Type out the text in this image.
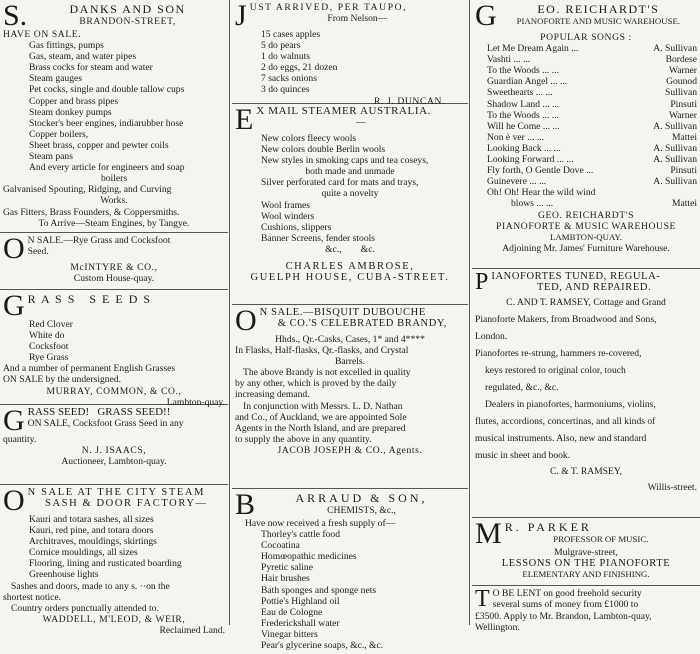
S.	DANKS AND SON
BRANDON-STREET,
HAVE ON SALE.
Gas fittings, pumps
Gas, steam, and water pipes
Brass cocks for steam and water
Steam gauges
Pet cocks, single and double tallow cups
Copper and brass pipes
Steam donkey pumps
Stocker's beer engines, indiarubber hose
Copper boilers,
Sheet brass, copper and pewter coils
Steam pans
And every article for engineers and soap
boilers
Galvanised Spouting, Ridging, and Curving
Works.
Gas Fitters, Brass Founders, & Coppersmiths.
To Arrive—Steam Engines, by Tangye.
O N SALE.—Rye Grass and Cocksfoot
Seed.
McINTYRE & CO.,
Custom House-quay.
G R A S S   S E E D S
Red Clover
White do
Cocksfoot
Rye Grass
And a number of permanent English Grasses
ON SALE by the undersigned.
MURRAY, COMMON, & CO.,
Lambton-quay.
G RASS SEED!   GRASS SEED!!
ON SALE, Cocksfoot Grass Seed in any
quantity.
N. J. ISAACS,
Auctioneer, Lambton-quay.
O N SALE AT THE CITY STEAM
SASH & DOOR FACTORY—
Kauri and totara sashes, all sizes
Kauri, red pine, and totara doors
Architraves, mouldings, skirtings
Cornice mouldings, all sizes
Flooring, lining and rusticated boarding
Greenhouse lights
Sashes and doors, made to any s. ··on the
shortest notice.
Country orders punctually attended to.
WADDELL, M'LEOD, & WEIR,
Reclaimed Land.
J UST ARRIVED, PER TAUPO,
From Nelson—
15 cases apples
5 do pears
1 do walnuts
2 do eggs, 21 dozen
7 sacks onions
3 do quinces
R. J. DUNCAN.
E X MAIL STEAMER AUSTRALIA.
—
New colors fleecy wools
New colors double Berlin wools
New styles in smoking caps and tea coseys,
both made and unmade
Silver perforated card for mats and trays,
quite a novelty
Wool frames
Wool winders
Cushions, slippers
Banner Screens, fender stools
&c.,        &c.
CHARLES AMBROSE,
GUELPH HOUSE, CUBA-STREET.
O N SALE.—BISQUIT DUBOUCHE
& CO.'S CELEBRATED BRANDY,
Hhds., Qr.-Casks, Cases, 1* and 4****
In Flasks, Half-flasks, Qr.-flasks, and Crystal
Barrels.
The above Brandy is not excelled in quality
by any other, which is proved by the daily
increasing demand.
In conjunction with Messrs. L. D. Nathan
and Co., of Auckland, we are appointed Sole
Agents in the North Island, and are prepared
to supply the above in any quantity.
JACOB JOSEPH & CO., Agents.
B	ARRAUD & SON,
CHEMISTS, &c.,
Have now received a fresh supply of—
Thorley's cattle food
Cocoatina
Homœopathic medicines
Pyretic saline
Hair brushes
Bath sponges and sponge nets
Pottie's Highland oil
Eau de Cologne
Frederickshall water
Vinegar bitters
Pear's glycerine soaps, &c., &c.
G	EO. REICHARDT'S
PIANOFORTE AND MUSIC WAREHOUSE.
POPULAR SONGS :
Let Me Dream Again ...	A. Sullivan
Vashti ... ...	Bordese
To the Woods ... ...	Warner
Guardian Angel ... ...	Gounod
Sweethearts ... ...	Sullivan
Shadow Land ... ...	Pinsuti
To the Woods ... ...	Warner
Will he Come ... ...	A. Sullivan
Non è ver ... ...	Mattei
Looking Back ... ...	A. Sullivan
Looking Forward ... ...	A. Sullivan
Fly forth, O Gentle Dove ...	Pinsuti
Guinevere ... ...	A. Sullivan
Oh! Oh! Hear the wild wind
blows ... ...	Mattei
GEO. REICHARDT'S
PIANOFORTE & MUSIC WAREHOUSE
LAMBTON-QUAY.
Adjoining Mr. James' Furniture Warehouse.
P IANOFORTES TUNED, REGULA-
TED, AND REPAIRED.
C. AND T. RAMSEY, Cottage and Grand
Pianoforte Makers, from Broadwood and Sons,
London.
Pianofortes re-strung, hammers re-covered,
keys restored to original color, touch
regulated, &c., &c.
Dealers in pianofortes, harmoniums, violins,
flutes, accordions, concertinas, and all kinds of
musical instruments. Also, new and standard
music in sheet and book.
C. & T. RAMSEY,
Willis-street.
M R. PARKER
PROFESSOR OF MUSIC.
Mulgrave-street,
LESSONS ON THE PIANOFORTE
ELEMENTARY AND FINISHING.
T O BE LENT on good freehold security
several sums of money from £1000 to
£3500. Apply to Mr. Brandon, Lambton-quay,
Wellington.
